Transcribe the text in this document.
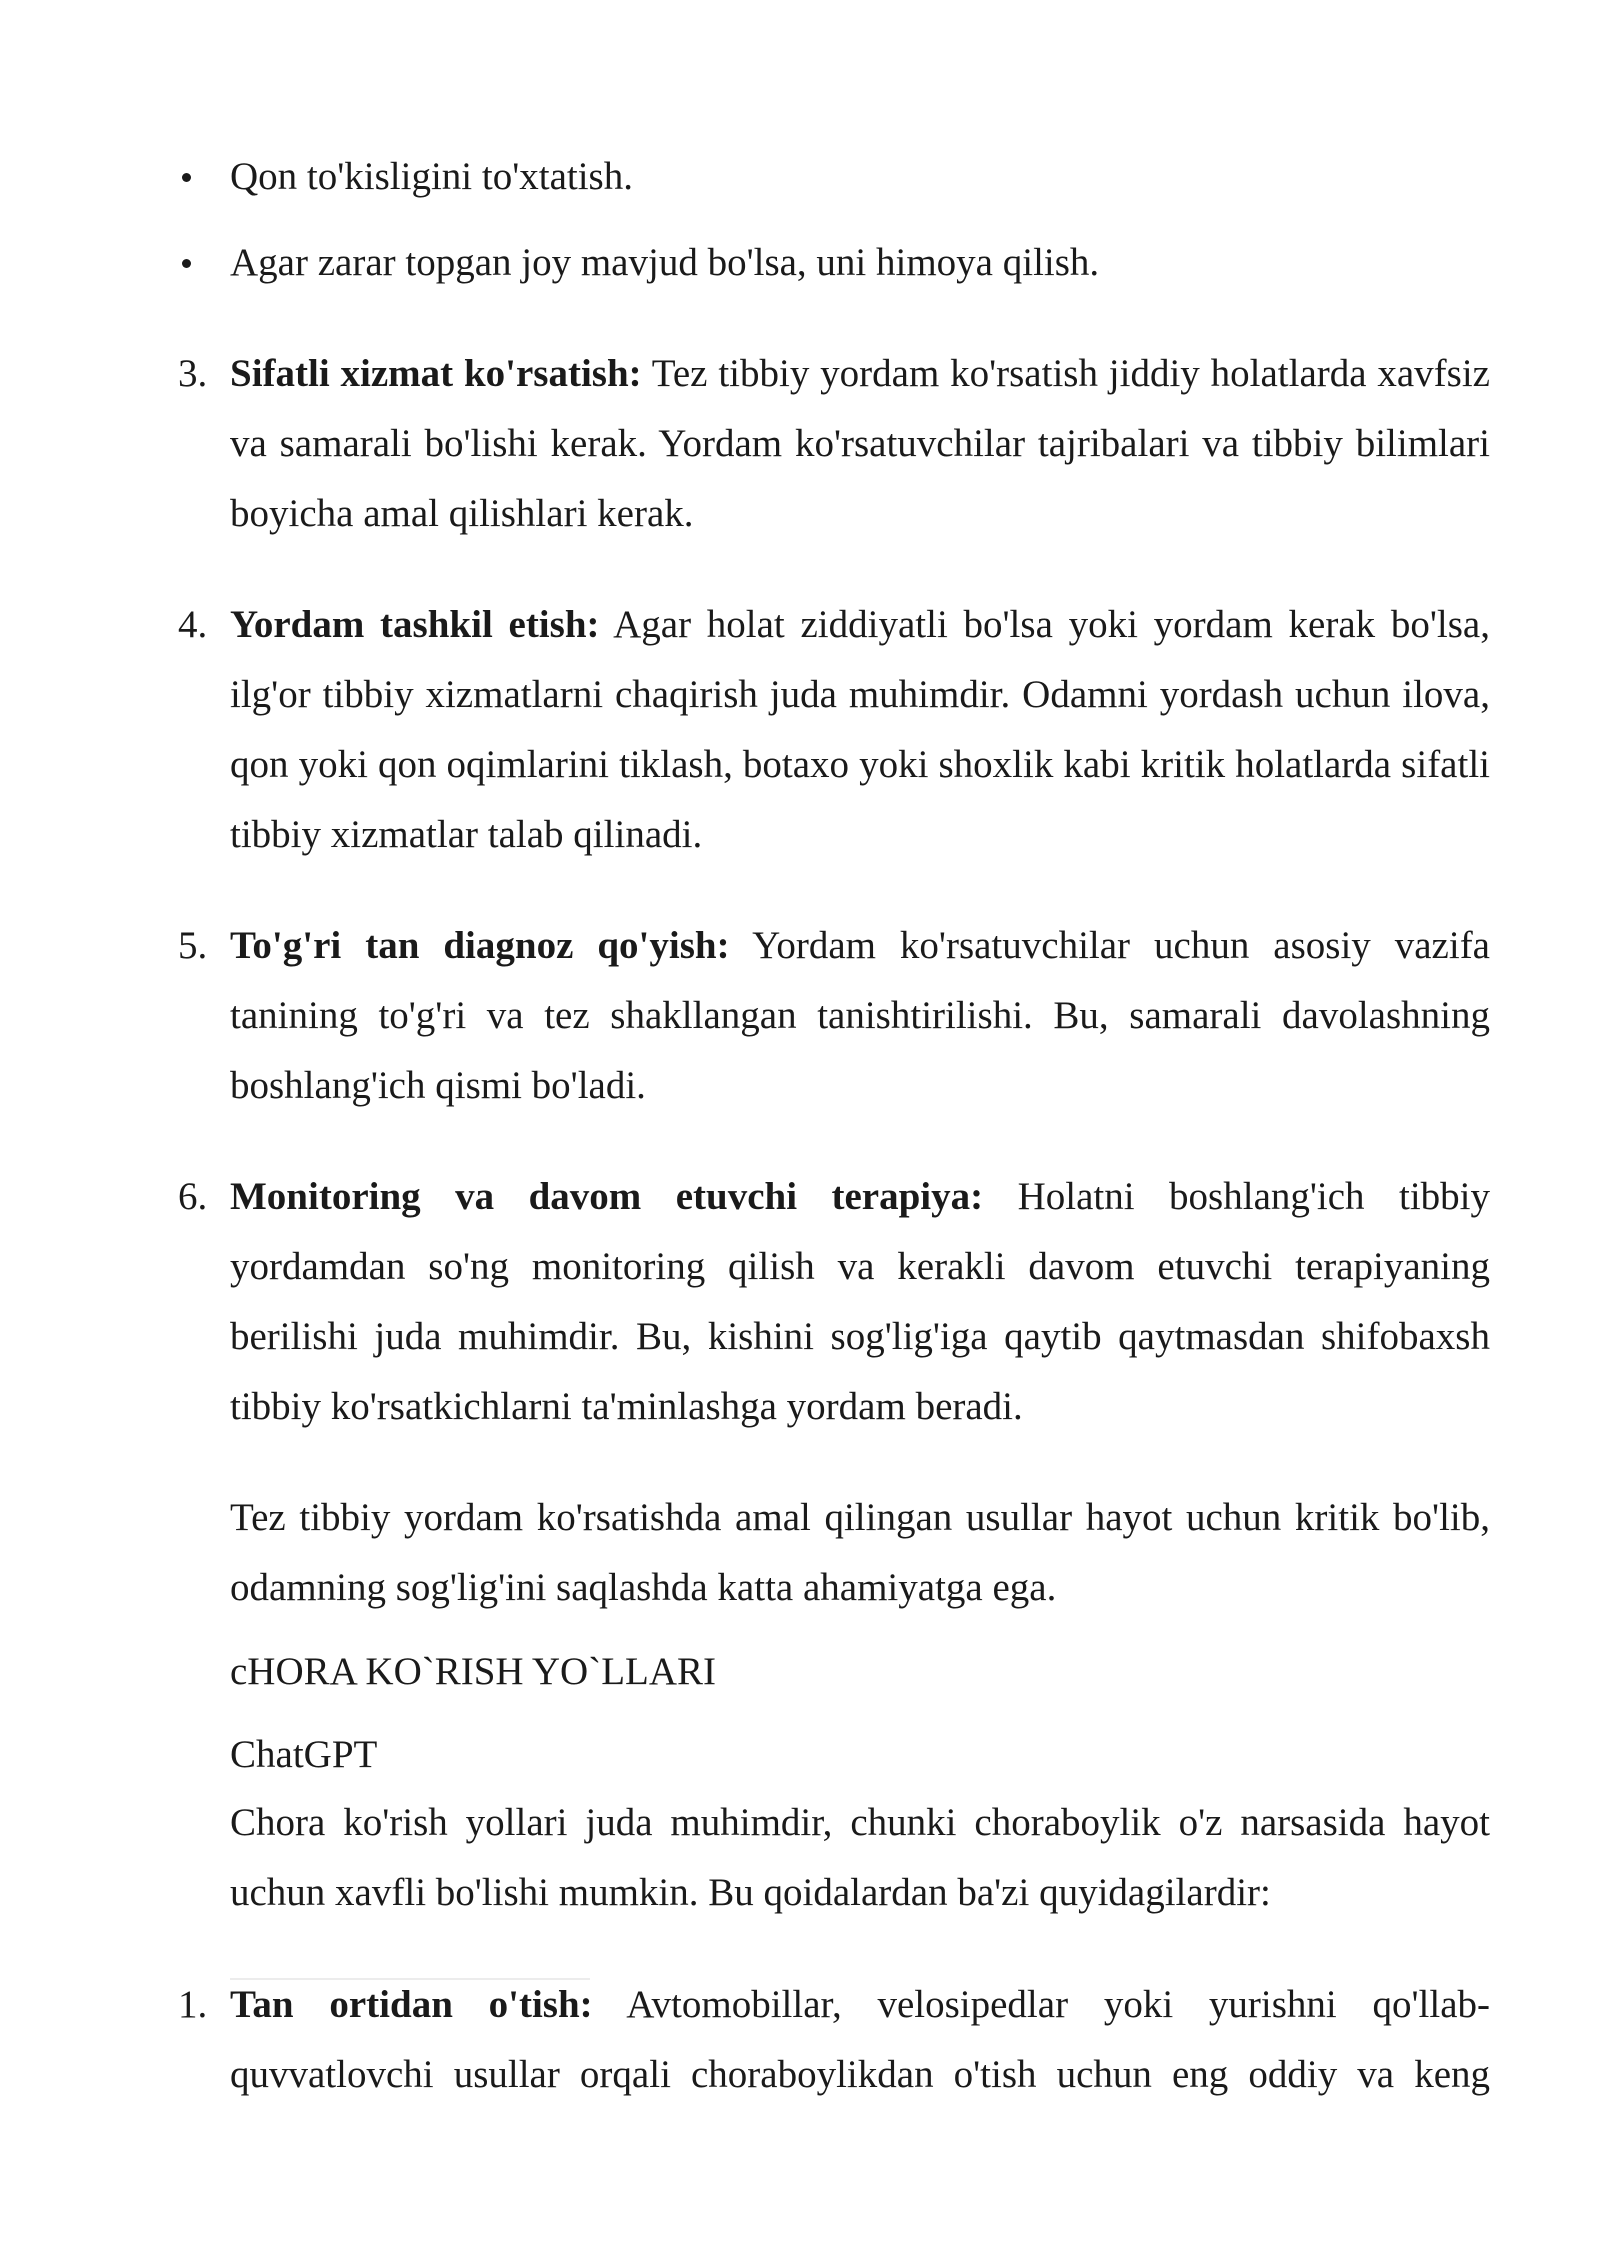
Qon to'kisligini to'xtatish.
Agar zarar topgan joy mavjud bo'lsa, uni himoya qilish.
3. Sifatli xizmat ko'rsatish: Tez tibbiy yordam ko'rsatish jiddiy holatlarda xavfsiz va samarali bo'lishi kerak. Yordam ko'rsatuvchilar tajribalari va tibbiy bilimlari boyicha amal qilishlari kerak.

4. Yordam tashkil etish: Agar holat ziddiyatli bo'lsa yoki yordam kerak bo'lsa, ilg'or tibbiy xizmatlarni chaqirish juda muhimdir. Odamni yordash uchun ilova, qon yoki qon oqimlarini tiklash, botaxo yoki shoxlik kabi kritik holatlarda sifatli tibbiy xizmatlar talab qilinadi.

5. To'g'ri tan diagnoz qo'yish: Yordam ko'rsatuvchilar uchun asosiy vazifa tanining to'g'ri va tez shakllangan tanishtirilishi. Bu, samarali davolashning boshlang'ich qismi bo'ladi.

6. Monitoring va davom etuvchi terapiya: Holatni boshlang'ich tibbiy yordamdan so'ng monitoring qilish va kerakli davom etuvchi terapiyaning berilishi juda muhimdir. Bu, kishini sog'lig'iga qaytib qaytmasdan shifobaxsh tibbiy ko'rsatkichlarni ta'minlashga yordam beradi.

Tez tibbiy yordam ko'rsatishda amal qilingan usullar hayot uchun kritik bo'lib, odamning sog'lig'ini saqlashda katta ahamiyatga ega.

cHORA KO`RISH YO`LLARI

ChatGPT

Chora ko'rish yollari juda muhimdir, chunki choraboylik o'z narsasida hayot uchun xavfli bo'lishi mumkin. Bu qoidalardan ba'zi quyidagilardir:

1. Tan ortidan o'tish: Avtomobillar, velosipedlar yoki yurishni qo'llab-quvvatlovchi usullar orqali choraboylikdan o'tish uchun eng oddiy va keng
